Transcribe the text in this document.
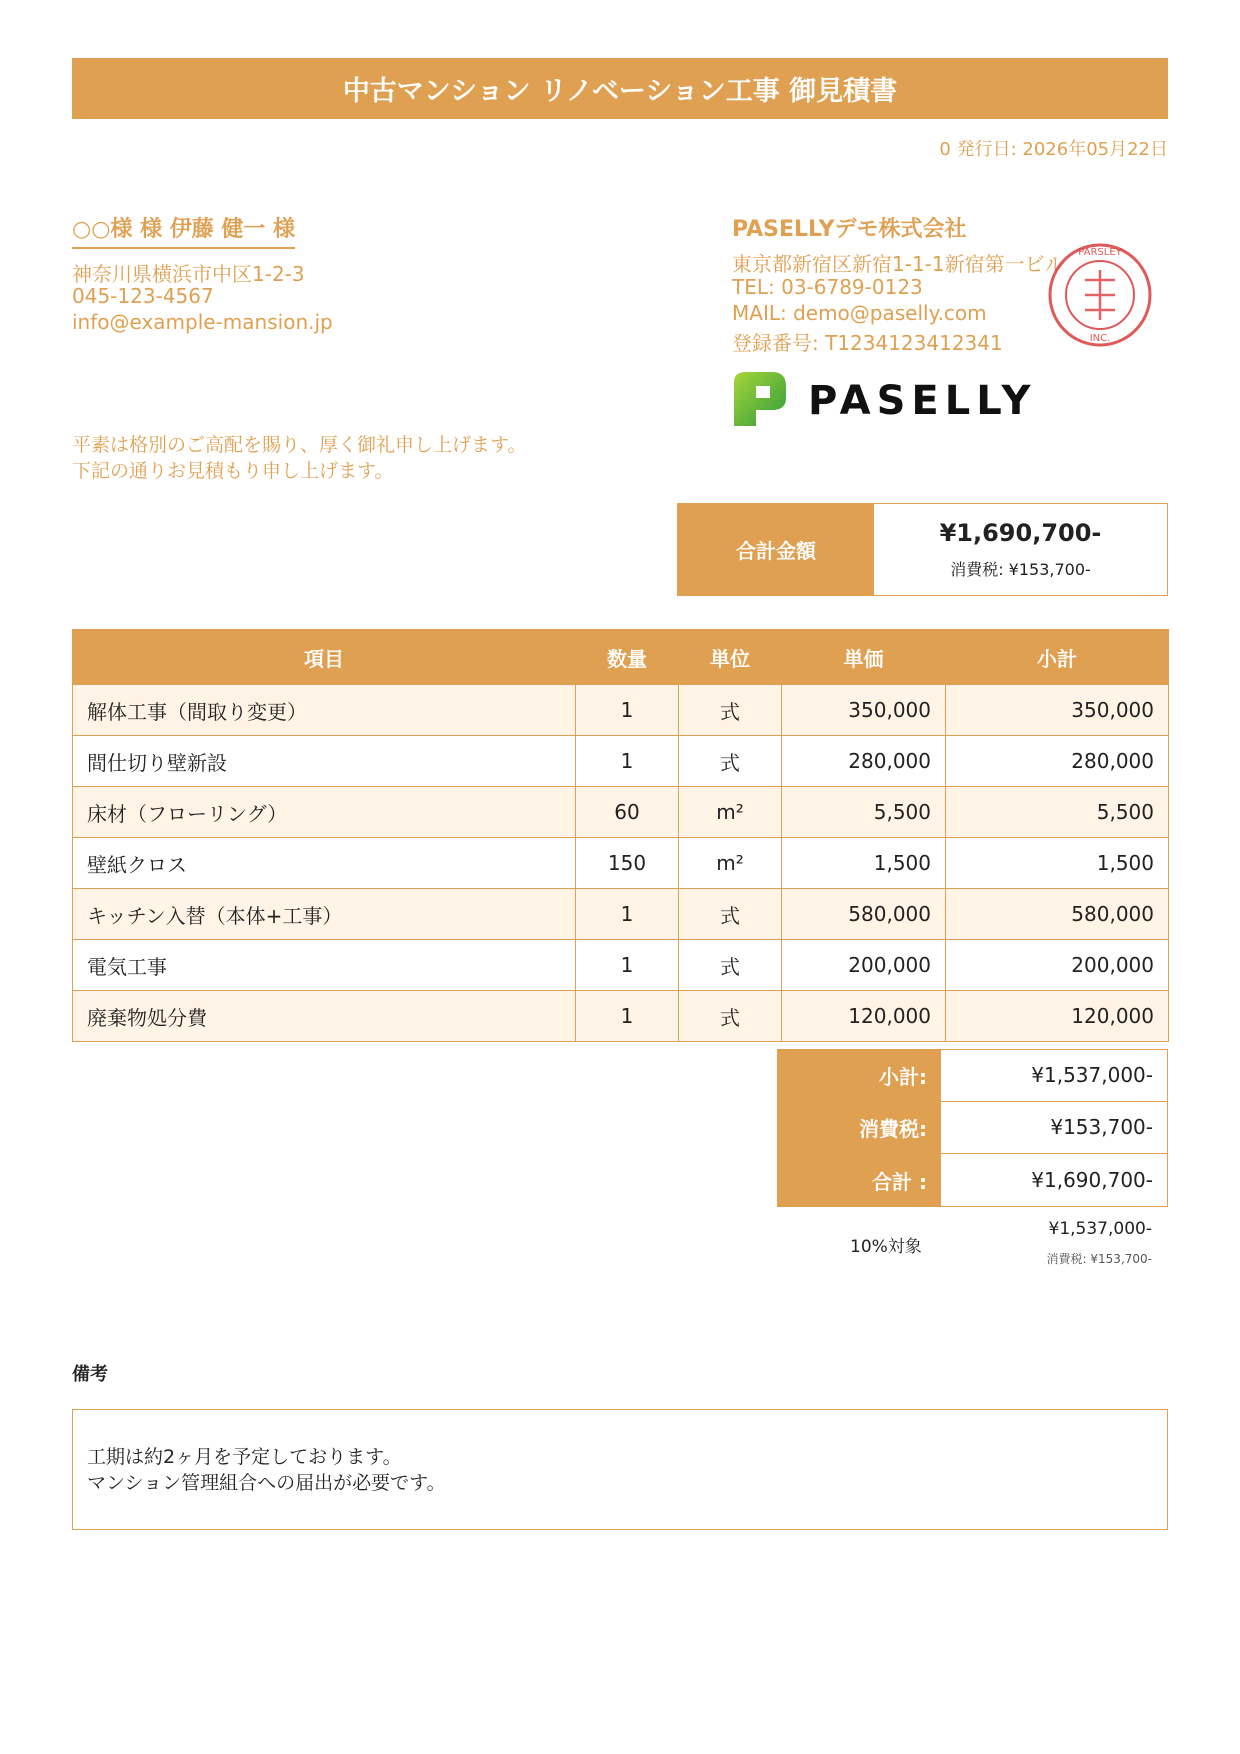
中古マンション リノベーション工事 御見積書
0 発行日: 2026年05月22日
○○様 様 伊藤 健一 様
神奈川県横浜市中区1-2-3
045-123-4567
info@example-mansion.jp
PASELLYデモ株式会社
東京都新宿区新宿1-1-1新宿第一ビル
TEL: 03-6789-0123
MAIL: demo@paselly.com
登録番号: T1234123412341
PARSLEY
INC.
PASELLY
平素は格別のご高配を賜り、厚く御礼申し上げます。
下記の通りお見積もり申し上げます。
合計金額
¥1,690,700-
消費税: ¥153,700-
項目	数量	単位	単価	小計
解体工事（間取り変更）	1	式	350,000	350,000
間仕切り壁新設	1	式	280,000	280,000
床材（フローリング）	60	m²	5,500	5,500
壁紙クロス	150	m²	1,500	1,500
キッチン入替（本体+工事）	1	式	580,000	580,000
電気工事	1	式	200,000	200,000
廃棄物処分費	1	式	120,000	120,000
小計:	¥1,537,000-
消費税:	¥153,700-
合計 :	¥1,690,700-
10%対象
¥1,537,000-
消費税: ¥153,700-
備考
工期は約2ヶ月を予定しております。
マンション管理組合への届出が必要です。
